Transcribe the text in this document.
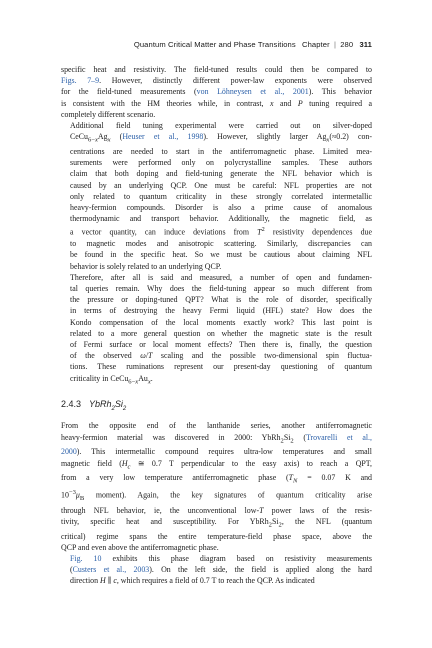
Quantum Critical Matter and Phase Transitions Chapter | 280 311

specific heat and resistivity. The field-tuned results could then be compared to
Figs. 7–9. However, distinctly different power-law exponents were observed
for the field-tuned measurements (von Löhneysen et al., 2001). This behavior
is consistent with the HM theories while, in contrast, x and P tuning required a
completely different scenario.

Additional field tuning experimental were carried out on silver-doped
$CeCu_{6-x}Ag_x$ (Heuser et al., 1998). However, slightly larger $Ag_x(\approx 0.2)$ con-
centrations are needed to start in the antiferromagnetic phase. Limited mea-
surements were performed only on polycrystalline samples. These authors
claim that both doping and field-tuning generate the NFL behavior which is
caused by an underlying QCP. One must be careful: NFL properties are not
only related to quantum criticality in these strongly correlated intermetallic
heavy-fermion compounds. Disorder is also a prime cause of anomalous
thermodynamic and transport behavior. Additionally, the magnetic field, as
a vector quantity, can induce deviations from $T^2$ resistivity dependences due
to magnetic modes and anisotropic scattering. Similarly, discrepancies can
be found in the specific heat. So we must be cautious about claiming NFL
behavior is solely related to an underlying QCP.

Therefore, after all is said and measured, a number of open and fundamen-
tal queries remain. Why does the field-tuning appear so much different from
the pressure or doping-tuned QPT? What is the role of disorder, specifically
in terms of destroying the heavy Fermi liquid (HFL) state? How does the
Kondo compensation of the local moments exactly work? This last point is
related to a more general question on whether the magnetic state is the result
of Fermi surface or local moment effects? Then there is, finally, the question
of the observed ω/T scaling and the possible two-dimensional spin fluctua-
tions. These ruminations represent our present-day questioning of quantum
criticality in $CeCu_{6-x}Au_x$.

2.4.3 $YbRh_2Si_2$

From the opposite end of the lanthanide series, another antiferromagnetic
heavy-fermion material was discovered in 2000: $YbRh_2Si_2$ (Trovarelli et al.,
2000). This intermetallic compound requires ultra-low temperatures and small
magnetic field ($H_c$ ≅ 0.7 T perpendicular to the easy axis) to reach a QPT,
from a very low temperature antiferromagnetic phase ($T_N = 0.07$ K and
$10^{-3}\mu_B$ moment). Again, the key signatures of quantum criticality arise
through NFL behavior, ie, the unconventional low-T power laws of the resis-
tivity, specific heat and susceptibility. For $YbRh_2Si_2$, the NFL (quantum
critical) regime spans the entire temperature-field phase space, above the
QCP and even above the antiferromagnetic phase.

Fig. 10 exhibits this phase diagram based on resistivity measurements
(Custers et al., 2003). On the left side, the field is applied along the hard
direction H ∥ c, which requires a field of 0.7 T to reach the QCP. As indicated
